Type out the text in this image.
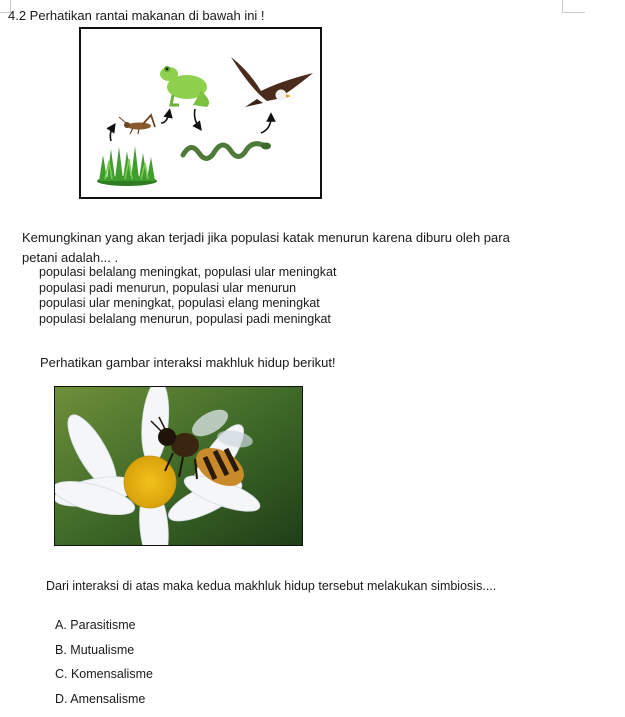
4.2 Perhatikan rantai makanan di bawah ini !
Kemungkinan yang akan terjadi jika populasi katak menurun karena diburu oleh para petani adalah... .
populasi belalang meningkat, populasi ular meningkat
populasi padi menurun, populasi ular menurun
populasi ular meningkat, populasi elang meningkat
populasi belalang menurun, populasi padi meningkat
Perhatikan gambar interaksi makhluk hidup berikut!
Dari interaksi di atas maka kedua makhluk hidup tersebut melakukan simbiosis....
A. Parasitisme
B. Mutualisme
C. Komensalisme
D. Amensalisme
